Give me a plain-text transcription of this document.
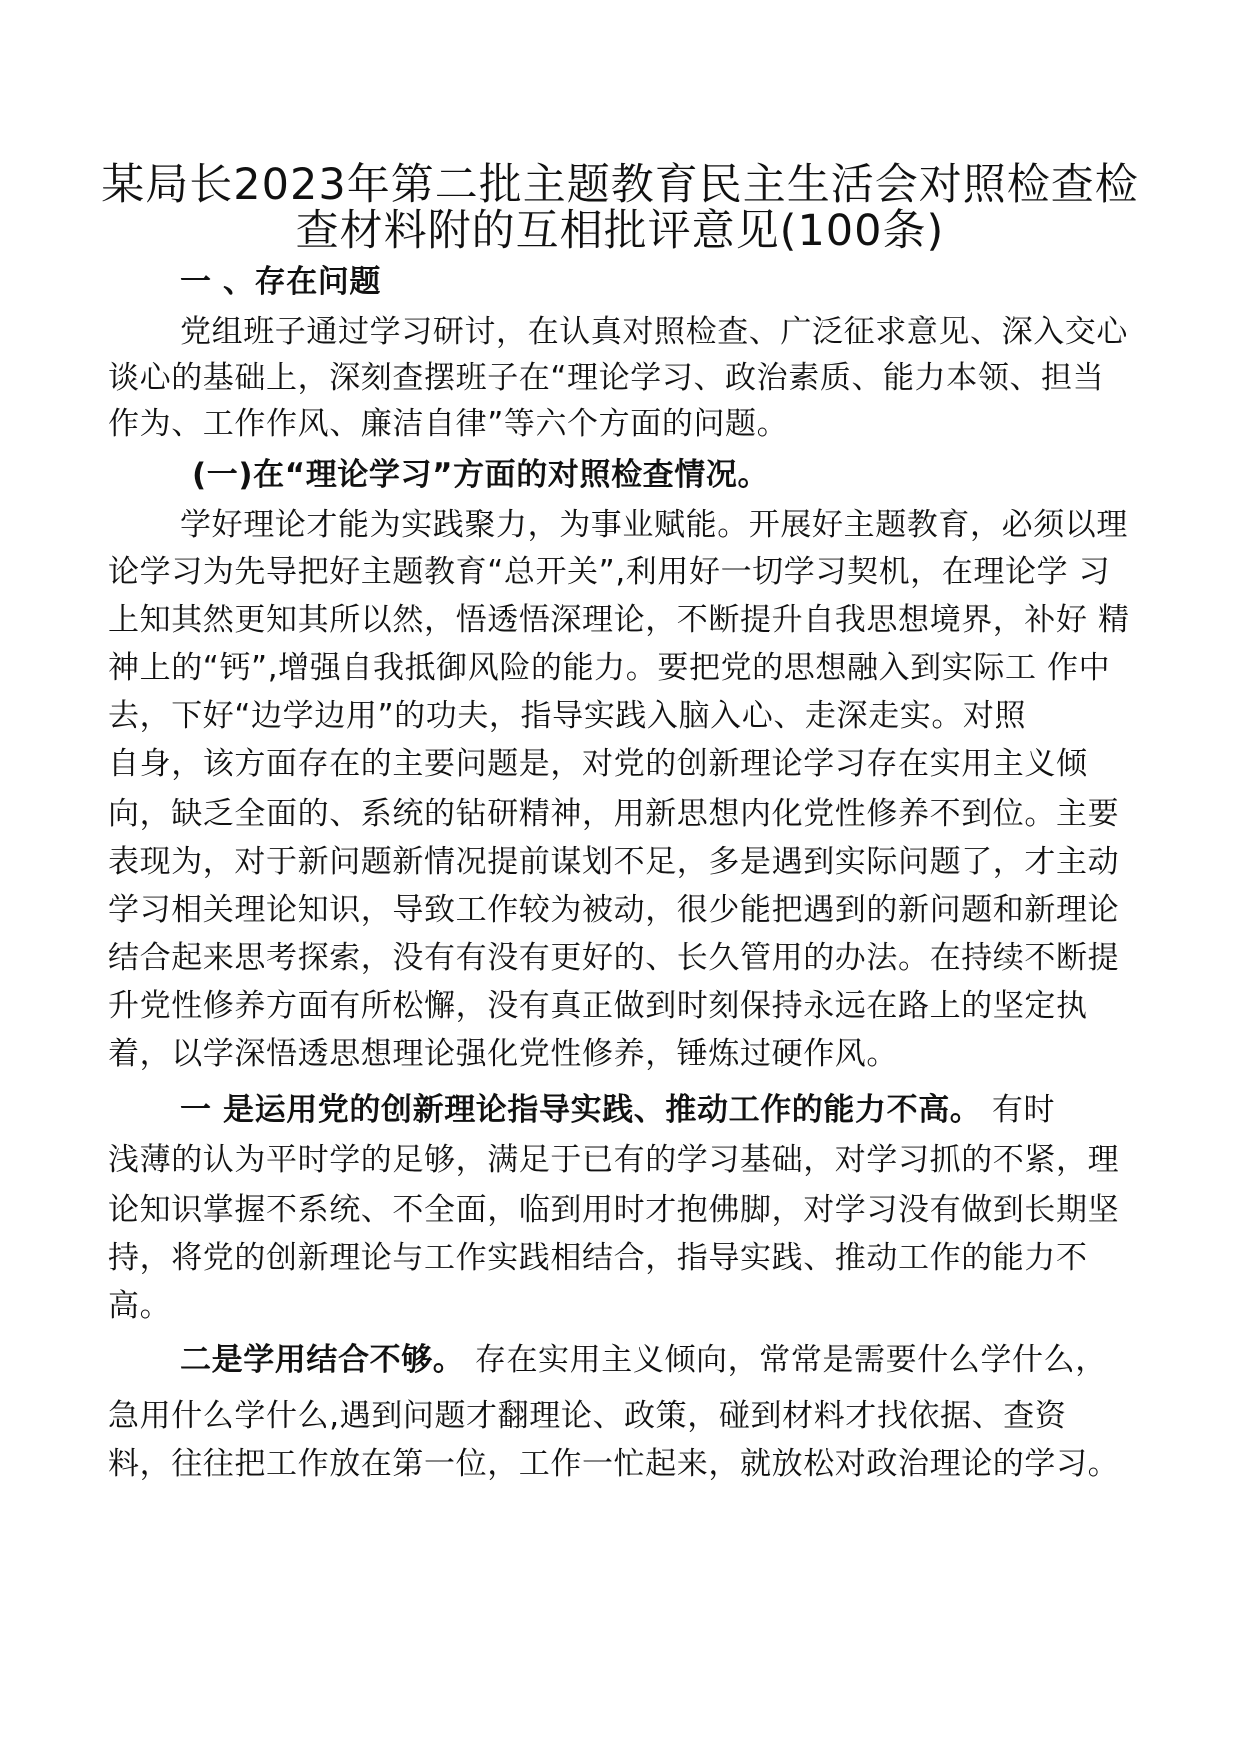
某局长2023年第二批主题教育民主生活会对照检查检
查材料附的互相批评意见(100条)
一 、存在问题
党组班子通过学习研讨，在认真对照检查、广泛征求意见、深入交心
谈心的基础上，深刻查摆班子在“理论学习、政治素质、能力本领、担当
作为、工作作风、廉洁自律”等六个方面的问题。
(一)在“理论学习”方面的对照检查情况。
学好理论才能为实践聚力，为事业赋能。开展好主题教育，必须以理
论学习为先导把好主题教育“总开关”,利用好一切学习契机，在理论学 习
上知其然更知其所以然，悟透悟深理论，不断提升自我思想境界，补好 精
神上的“钙”,增强自我抵御风险的能力。要把党的思想融入到实际工 作中
去，下好“边学边用”的功夫，指导实践入脑入心、走深走实。对照
自身，该方面存在的主要问题是，对党的创新理论学习存在实用主义倾
向，缺乏全面的、系统的钻研精神，用新思想内化党性修养不到位。主要
表现为，对于新问题新情况提前谋划不足，多是遇到实际问题了，才主动
学习相关理论知识，导致工作较为被动，很少能把遇到的新问题和新理论
结合起来思考探索，没有有没有更好的、长久管用的办法。在持续不断提
升党性修养方面有所松懈，没有真正做到时刻保持永远在路上的坚定执
着，以学深悟透思想理论强化党性修养，锤炼过硬作风。
一 是运用党的创新理论指导实践、推动工作的能力不高。 有时
浅薄的认为平时学的足够，满足于已有的学习基础，对学习抓的不紧，理
论知识掌握不系统、不全面，临到用时才抱佛脚，对学习没有做到长期坚
持，将党的创新理论与工作实践相结合，指导实践、推动工作的能力不
高。
二是学用结合不够。 存在实用主义倾向，常常是需要什么学什么，
急用什么学什么,遇到问题才翻理论、政策，碰到材料才找依据、查资
料，往往把工作放在第一位，工作一忙起来，就放松对政治理论的学习。
